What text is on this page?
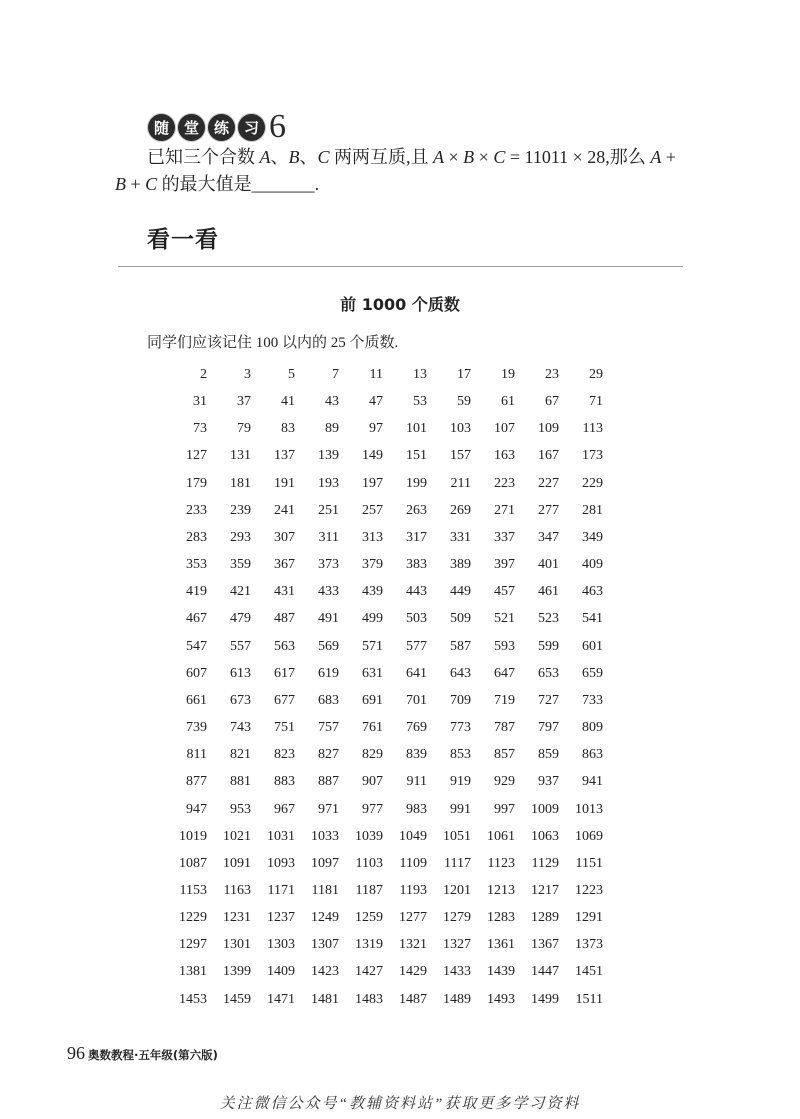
随 堂 练 习 6
已知三个合数 A、B、C 两两互质,且 A × B × C = 11011 × 28,那么 A +
B + C 的最大值是_______.
看一看
前 1000 个质数
同学们应该记住 100 以内的 25 个质数.
2	3	5	7	11	13	17	19	23	29
31	37	41	43	47	53	59	61	67	71
73	79	83	89	97	101	103	107	109	113
127	131	137	139	149	151	157	163	167	173
179	181	191	193	197	199	211	223	227	229
233	239	241	251	257	263	269	271	277	281
283	293	307	311	313	317	331	337	347	349
353	359	367	373	379	383	389	397	401	409
419	421	431	433	439	443	449	457	461	463
467	479	487	491	499	503	509	521	523	541
547	557	563	569	571	577	587	593	599	601
607	613	617	619	631	641	643	647	653	659
661	673	677	683	691	701	709	719	727	733
739	743	751	757	761	769	773	787	797	809
811	821	823	827	829	839	853	857	859	863
877	881	883	887	907	911	919	929	937	941
947	953	967	971	977	983	991	997	1009	1013
1019	1021	1031	1033	1039	1049	1051	1061	1063	1069
1087	1091	1093	1097	1103	1109	1117	1123	1129	1151
1153	1163	1171	1181	1187	1193	1201	1213	1217	1223
1229	1231	1237	1249	1259	1277	1279	1283	1289	1291
1297	1301	1303	1307	1319	1321	1327	1361	1367	1373
1381	1399	1409	1423	1427	1429	1433	1439	1447	1451
1453	1459	1471	1481	1483	1487	1489	1493	1499	1511
96 奥数教程·五年级(第六版)
关注微信公众号“教辅资料站”获取更多学习资料
